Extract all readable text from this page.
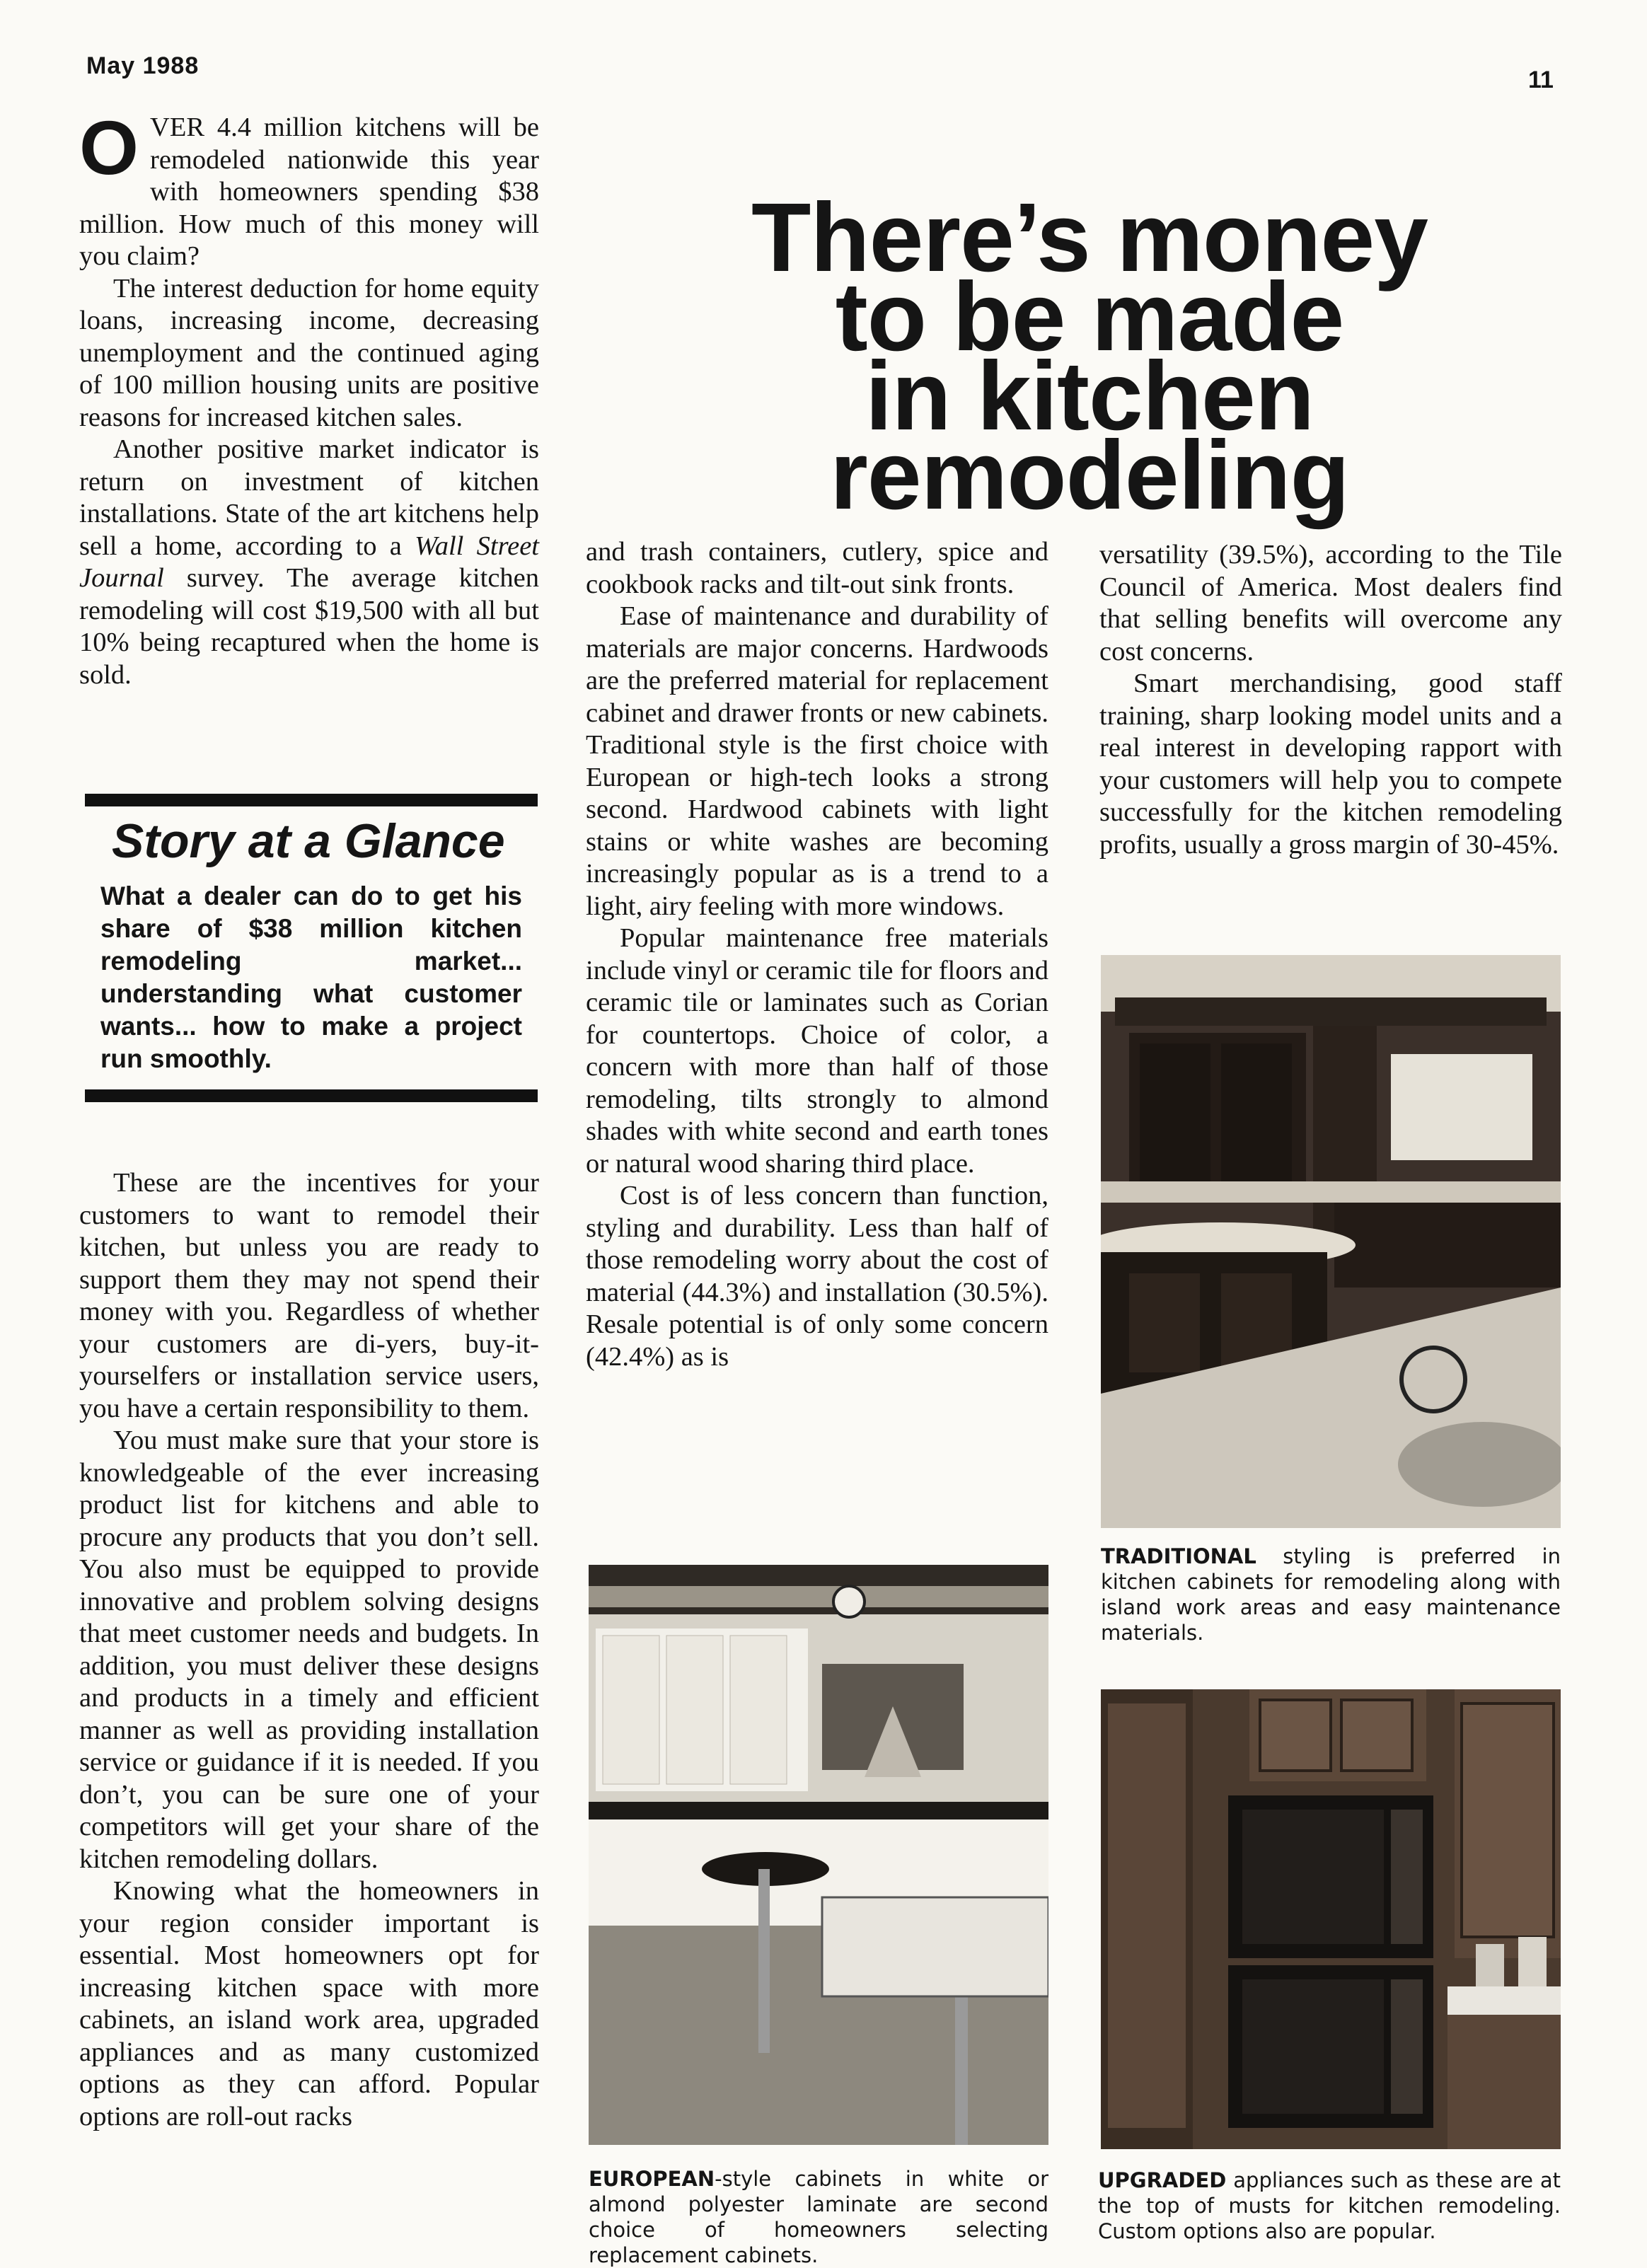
May 1988
11
There’s money
to be made
in kitchen remodeling

OVER 4.4 million kitchens will be remodeled nationwide this year with homeowners spending $38 million. How much of this money will you claim?

The interest deduction for home equity loans, increasing income, decreasing unemployment and the continued aging of 100 million housing units are positive reasons for increased kitchen sales.

Another positive market indicator is return on investment of kitchen installations. State of the art kitchens help sell a home, according to a Wall Street Journal survey. The average kitchen remodeling will cost $19,500 with all but 10% being recaptured when the home is sold.

Story at a Glance
What a dealer can do to get his share of $38 million kitchen remodeling market... understanding what customer wants... how to make a project run smoothly.

These are the incentives for your customers to want to remodel their kitchen, but unless you are ready to support them they may not spend their money with you. Regardless of whether your customers are di-yers, buy-it-yourselfers or installation service users, you have a certain responsibility to them.

You must make sure that your store is knowledgeable of the ever increasing product list for kitchens and able to procure any products that you don’t sell. You also must be equipped to provide innovative and problem solving designs that meet customer needs and budgets. In addition, you must deliver these designs and products in a timely and efficient manner as well as providing installation service or guidance if it is needed. If you don’t, you can be sure one of your competitors will get your share of the kitchen remodeling dollars.

Knowing what the homeowners in your region consider important is essential. Most homeowners opt for increasing kitchen space with more cabinets, an island work area, upgraded appliances and as many customized options as they can afford. Popular options are roll-out racks

and trash containers, cutlery, spice and cookbook racks and tilt-out sink fronts.

Ease of maintenance and durability of materials are major concerns. Hardwoods are the preferred material for replacement cabinet and drawer fronts or new cabinets. Traditional style is the first choice with European or high-tech looks a strong second. Hardwood cabinets with light stains or white washes are becoming increasingly popular as is a trend to a light, airy feeling with more windows.

Popular maintenance free materials include vinyl or ceramic tile for floors and ceramic tile or laminates such as Corian for countertops. Choice of color, a concern with more than half of those remodeling, tilts strongly to almond shades with white second and earth tones or natural wood sharing third place.

Cost is of less concern than function, styling and durability. Less than half of those remodeling worry about the cost of material (44.3%) and installation (30.5%). Resale potential is of only some concern (42.4%) as is

versatility (39.5%), according to the Tile Council of America. Most dealers find that selling benefits will overcome any cost concerns.

Smart merchandising, good staff training, sharp looking model units and a real interest in developing rapport with your customers will help you to compete successfully for the kitchen remodeling profits, usually a gross margin of 30-45%.

TRADITIONAL styling is preferred in kitchen cabinets for remodeling along with island work areas and easy maintenance materials.
EUROPEAN-style cabinets in white or almond polyester laminate are second choice of homeowners selecting replacement cabinets.
UPGRADED appliances such as these are at the top of musts for kitchen remodeling. Custom options also are popular.
